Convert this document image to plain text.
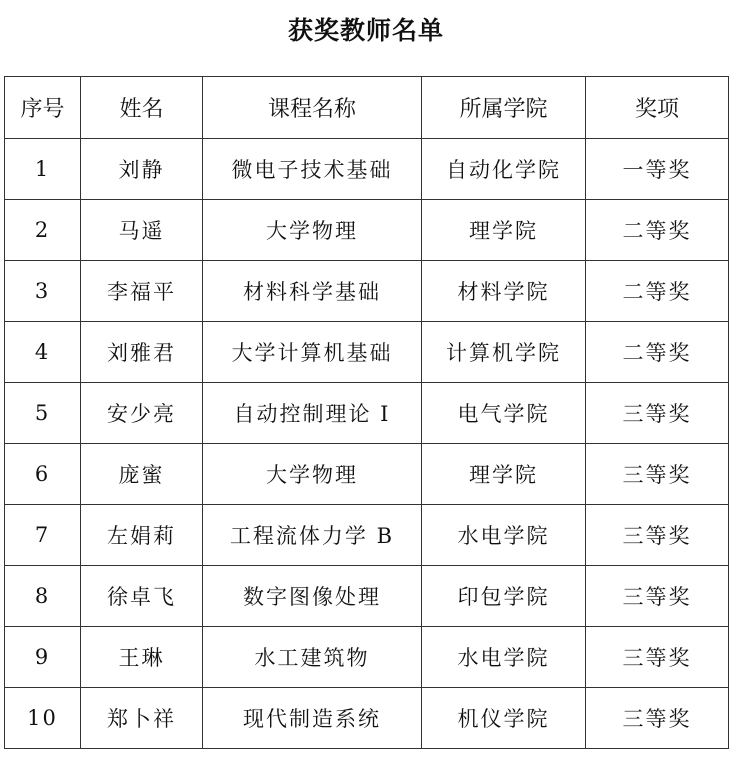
获奖教师名单
序号	姓名	课程名称	所属学院	奖项
1	刘静	微电子技术基础	自动化学院	一等奖
2	马遥	大学物理	理学院	二等奖
3	李福平	材料科学基础	材料学院	二等奖
4	刘雅君	大学计算机基础	计算机学院	二等奖
5	安少亮	自动控制理论 I	电气学院	三等奖
6	庞蜜	大学物理	理学院	三等奖
7	左娟莉	工程流体力学 B	水电学院	三等奖
8	徐卓飞	数字图像处理	印包学院	三等奖
9	王琳	水工建筑物	水电学院	三等奖
10	郑卜祥	现代制造系统	机仪学院	三等奖
